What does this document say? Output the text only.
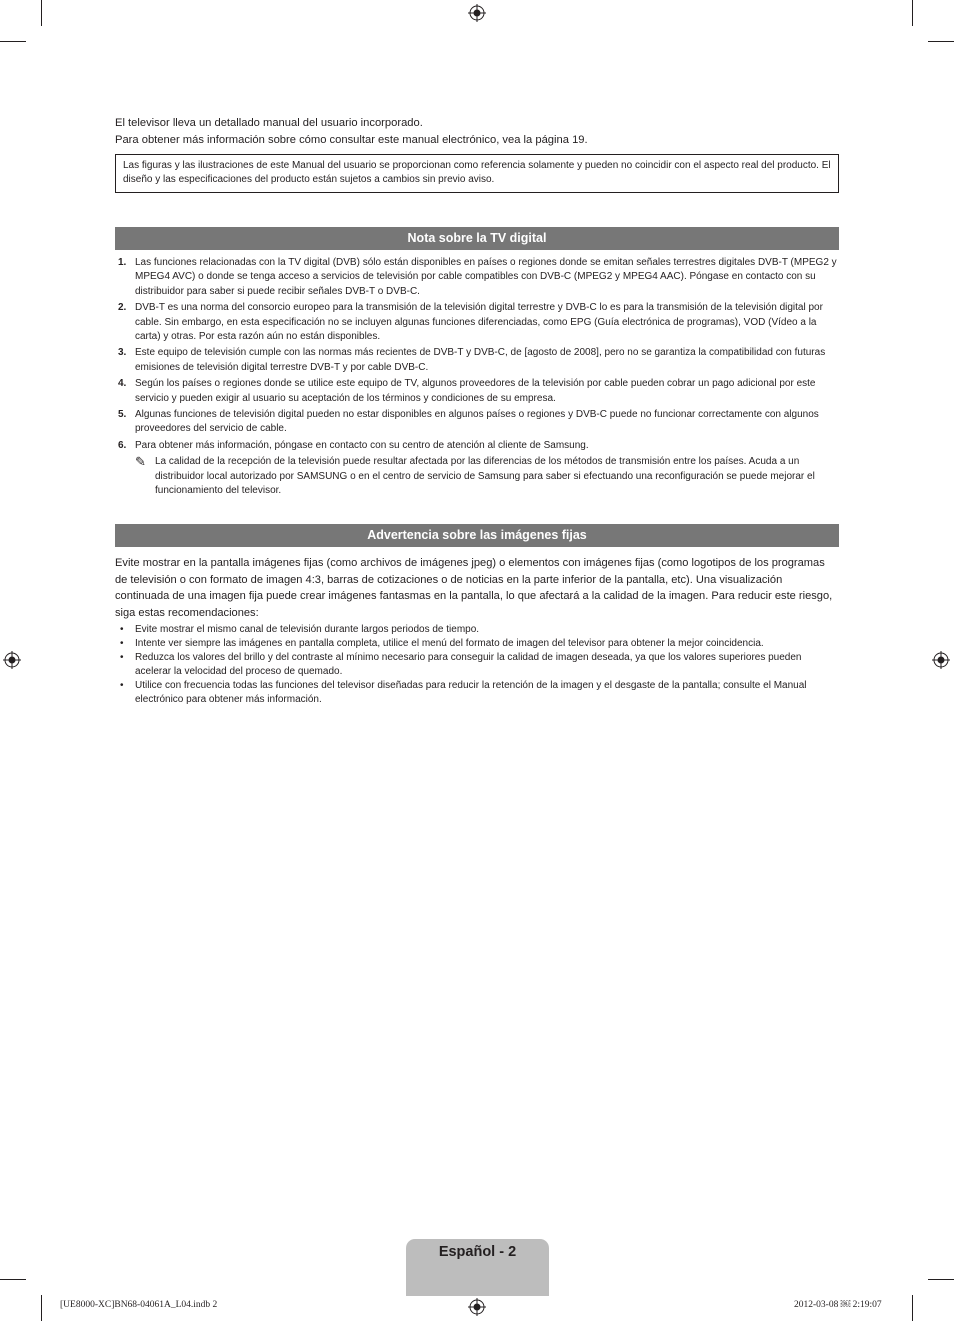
El televisor lleva un detallado manual del usuario incorporado.

Para obtener más información sobre cómo consultar este manual electrónico, vea la página 19.

Las figuras y las ilustraciones de este Manual del usuario se proporcionan como referencia solamente y pueden no coincidir con el aspecto real del producto. El diseño y las especificaciones del producto están sujetos a cambios sin previo aviso.
Nota sobre la TV digital
1. Las funciones relacionadas con la TV digital (DVB) sólo están disponibles en países o regiones donde se emitan señales terrestres digitales DVB-T (MPEG2 y MPEG4 AVC) o donde se tenga acceso a servicios de televisión por cable compatibles con DVB-C (MPEG2 y MPEG4 AAC). Póngase en contacto con su distribuidor para saber si puede recibir señales DVB-T o DVB-C.
2. DVB-T es una norma del consorcio europeo para la transmisión de la televisión digital terrestre y DVB-C lo es para la transmisión de la televisión digital por cable. Sin embargo, en esta especificación no se incluyen algunas funciones diferenciadas, como EPG (Guía electrónica de programas), VOD (Vídeo a la carta) y otras. Por esta razón aún no están disponibles.
3. Este equipo de televisión cumple con las normas más recientes de DVB-T y DVB-C, de [agosto de 2008], pero no se garantiza la compatibilidad con futuras emisiones de televisión digital terrestre DVB-T y por cable DVB-C.
4. Según los países o regiones donde se utilice este equipo de TV, algunos proveedores de la televisión por cable pueden cobrar un pago adicional por este servicio y pueden exigir al usuario su aceptación de los términos y condiciones de su empresa.
5. Algunas funciones de televisión digital pueden no estar disponibles en algunos países o regiones y DVB-C puede no funcionar correctamente con algunos proveedores del servicio de cable.
6. Para obtener más información, póngase en contacto con su centro de atención al cliente de Samsung.
✎ La calidad de la recepción de la televisión puede resultar afectada por las diferencias de los métodos de transmisión entre los países. Acuda a un distribuidor local autorizado por SAMSUNG o en el centro de servicio de Samsung para saber si efectuando una reconfiguración se puede mejorar el funcionamiento del televisor.
Advertencia sobre las imágenes fijas
Evite mostrar en la pantalla imágenes fijas (como archivos de imágenes jpeg) o elementos con imágenes fijas (como logotipos de los programas de televisión o con formato de imagen 4:3, barras de cotizaciones o de noticias en la parte inferior de la pantalla, etc). Una visualización continuada de una imagen fija puede crear imágenes fantasmas en la pantalla, lo que afectará a la calidad de la imagen. Para reducir este riesgo, siga estas recomendaciones:
• Evite mostrar el mismo canal de televisión durante largos periodos de tiempo.
• Intente ver siempre las imágenes en pantalla completa, utilice el menú del formato de imagen del televisor para obtener la mejor coincidencia.
• Reduzca los valores del brillo y del contraste al mínimo necesario para conseguir la calidad de imagen deseada, ya que los valores superiores pueden acelerar la velocidad del proceso de quemado.
• Utilice con frecuencia todas las funciones del televisor diseñadas para reducir la retención de la imagen y el desgaste de la pantalla; consulte el Manual electrónico para obtener más información.
Español - 2
[UE8000-XC]BN68-04061A_L04.indb 2	2012-03-08 ￼ 2:19:07
